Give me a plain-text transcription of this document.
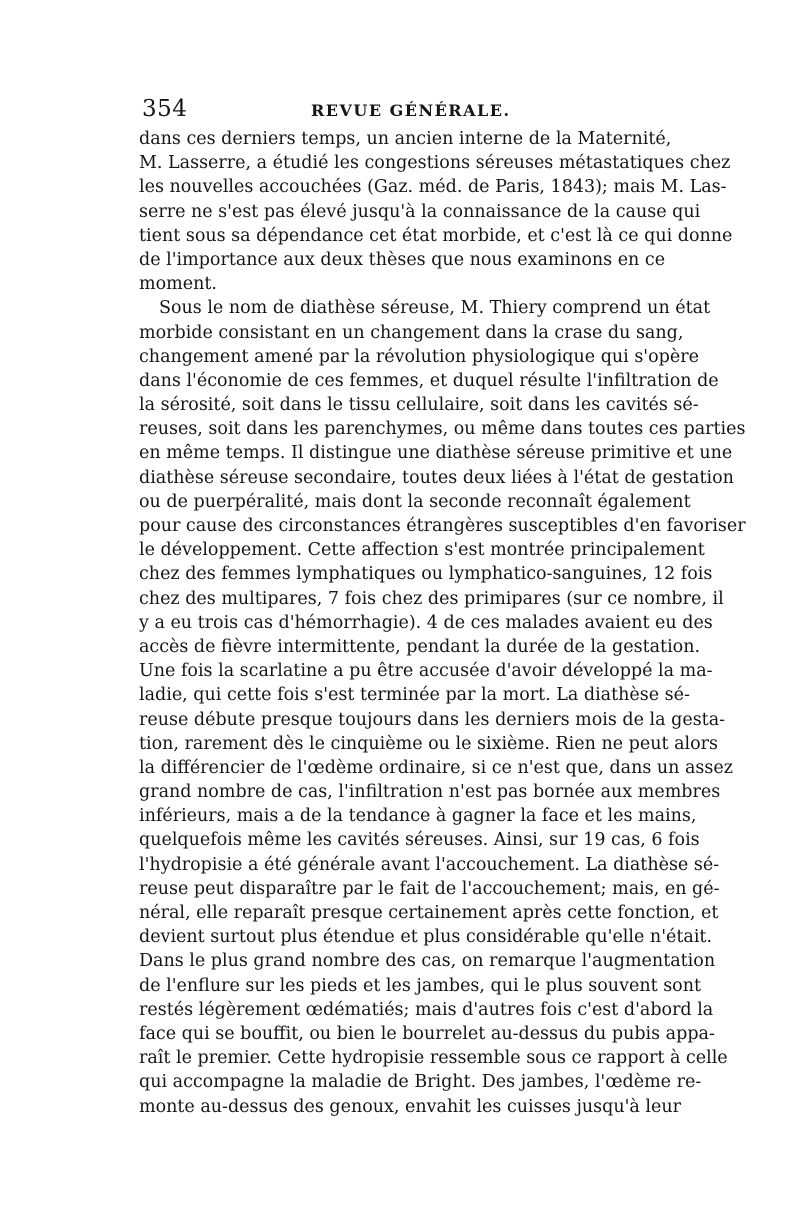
354	REVUE GÉNÉRALE.
dans ces derniers temps, un ancien interne de la Maternité,
M. Lasserre, a étudié les congestions séreuses métastatiques chez
les nouvelles accouchées (Gaz. méd. de Paris, 1843); mais M. Las-
serre ne s'est pas élevé jusqu'à la connaissance de la cause qui
tient sous sa dépendance cet état morbide, et c'est là ce qui donne
de l'importance aux deux thèses que nous examinons en ce
moment.
Sous le nom de diathèse séreuse, M. Thiery comprend un état
morbide consistant en un changement dans la crase du sang,
changement amené par la révolution physiologique qui s'opère
dans l'économie de ces femmes, et duquel résulte l'infiltration de
la sérosité, soit dans le tissu cellulaire, soit dans les cavités sé-
reuses, soit dans les parenchymes, ou même dans toutes ces parties
en même temps. Il distingue une diathèse séreuse primitive et une
diathèse séreuse secondaire, toutes deux liées à l'état de gestation
ou de puerpéralité, mais dont la seconde reconnaît également
pour cause des circonstances étrangères susceptibles d'en favoriser
le développement. Cette affection s'est montrée principalement
chez des femmes lymphatiques ou lymphatico-sanguines, 12 fois
chez des multipares, 7 fois chez des primipares (sur ce nombre, il
y a eu trois cas d'hémorrhagie). 4 de ces malades avaient eu des
accès de fièvre intermittente, pendant la durée de la gestation.
Une fois la scarlatine a pu être accusée d'avoir développé la ma-
ladie, qui cette fois s'est terminée par la mort. La diathèse sé-
reuse débute presque toujours dans les derniers mois de la gesta-
tion, rarement dès le cinquième ou le sixième. Rien ne peut alors
la différencier de l'œdème ordinaire, si ce n'est que, dans un assez
grand nombre de cas, l'infiltration n'est pas bornée aux membres
inférieurs, mais a de la tendance à gagner la face et les mains,
quelquefois même les cavités séreuses. Ainsi, sur 19 cas, 6 fois
l'hydropisie a été générale avant l'accouchement. La diathèse sé-
reuse peut disparaître par le fait de l'accouchement; mais, en gé-
néral, elle reparaît presque certainement après cette fonction, et
devient surtout plus étendue et plus considérable qu'elle n'était.
Dans le plus grand nombre des cas, on remarque l'augmentation
de l'enflure sur les pieds et les jambes, qui le plus souvent sont
restés légèrement œdématiés; mais d'autres fois c'est d'abord la
face qui se bouffit, ou bien le bourrelet au-dessus du pubis appa-
raît le premier. Cette hydropisie ressemble sous ce rapport à celle
qui accompagne la maladie de Bright. Des jambes, l'œdème re-
monte au-dessus des genoux, envahit les cuisses jusqu'à leur
